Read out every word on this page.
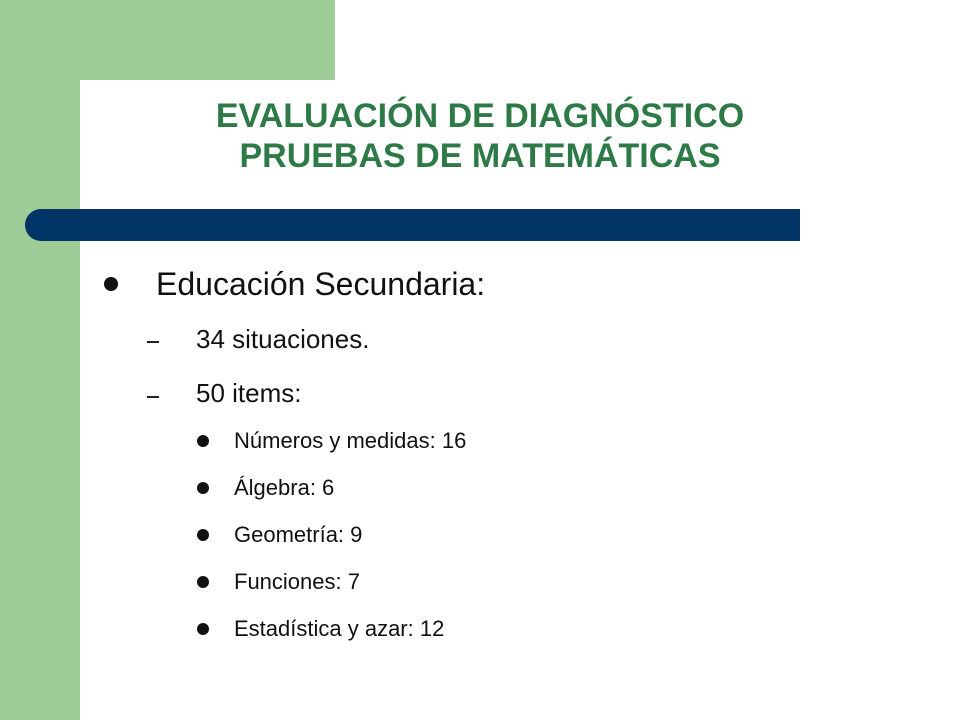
EVALUACIÓN DE DIAGNÓSTICO
PRUEBAS DE MATEMÁTICAS
Educación Secundaria:
34 situaciones.
50 items:
Números y medidas: 16
Álgebra: 6
Geometría: 9
Funciones: 7
Estadística y azar: 12
